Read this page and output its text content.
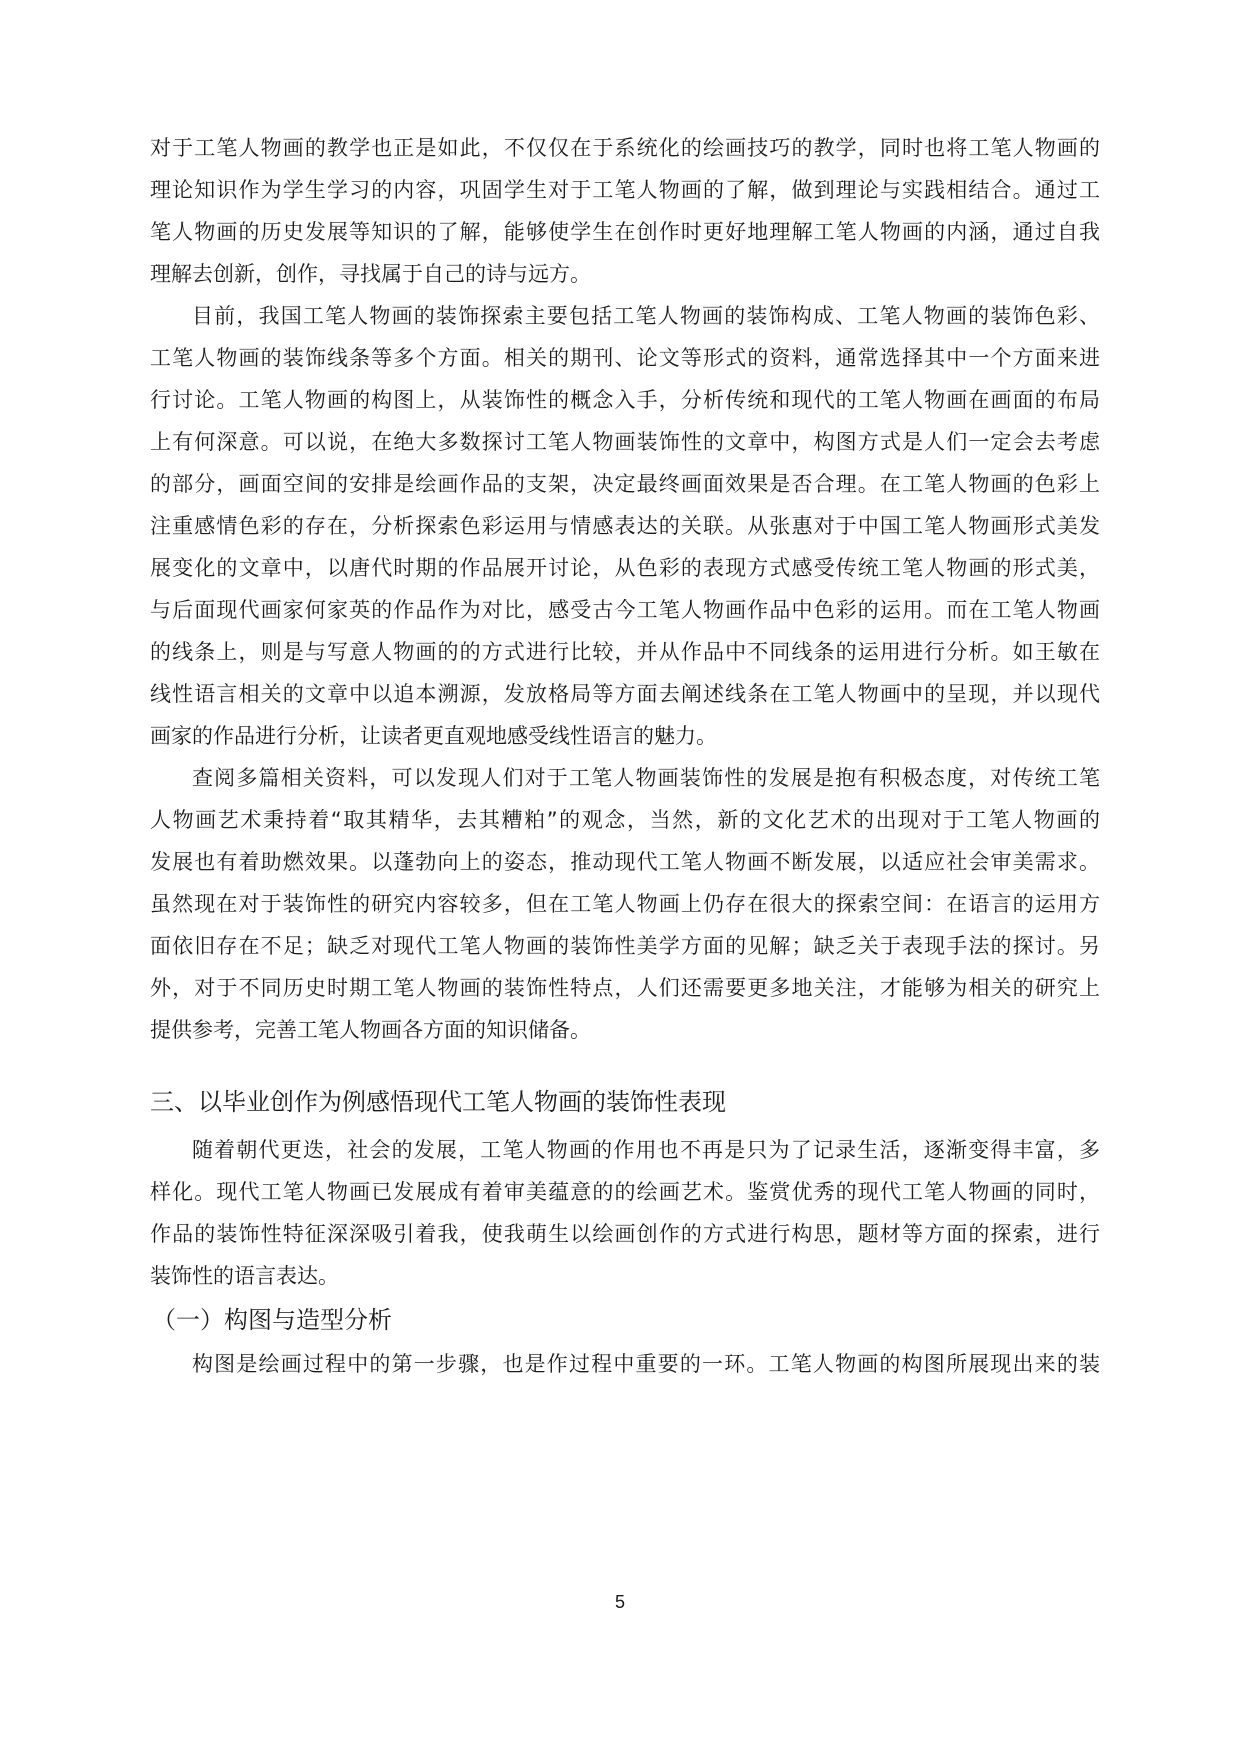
对于工笔人物画的教学也正是如此，不仅仅在于系统化的绘画技巧的教学，同时也将工笔人物画的
理论知识作为学生学习的内容，巩固学生对于工笔人物画的了解，做到理论与实践相结合。通过工
笔人物画的历史发展等知识的了解，能够使学生在创作时更好地理解工笔人物画的内涵，通过自我
理解去创新，创作，寻找属于自己的诗与远方。
目前，我国工笔人物画的装饰探索主要包括工笔人物画的装饰构成、工笔人物画的装饰色彩、
工笔人物画的装饰线条等多个方面。相关的期刊、论文等形式的资料，通常选择其中一个方面来进
行讨论。工笔人物画的构图上，从装饰性的概念入手，分析传统和现代的工笔人物画在画面的布局
上有何深意。可以说，在绝大多数探讨工笔人物画装饰性的文章中，构图方式是人们一定会去考虑
的部分，画面空间的安排是绘画作品的支架，决定最终画面效果是否合理。在工笔人物画的色彩上
注重感情色彩的存在，分析探索色彩运用与情感表达的关联。从张惠对于中国工笔人物画形式美发
展变化的文章中，以唐代时期的作品展开讨论，从色彩的表现方式感受传统工笔人物画的形式美，
与后面现代画家何家英的作品作为对比，感受古今工笔人物画作品中色彩的运用。而在工笔人物画
的线条上，则是与写意人物画的的方式进行比较，并从作品中不同线条的运用进行分析。如王敏在
线性语言相关的文章中以追本溯源，发放格局等方面去阐述线条在工笔人物画中的呈现，并以现代
画家的作品进行分析，让读者更直观地感受线性语言的魅力。
查阅多篇相关资料，可以发现人们对于工笔人物画装饰性的发展是抱有积极态度，对传统工笔
人物画艺术秉持着“取其精华，去其糟粕”的观念，当然，新的文化艺术的出现对于工笔人物画的
发展也有着助燃效果。以蓬勃向上的姿态，推动现代工笔人物画不断发展，以适应社会审美需求。
虽然现在对于装饰性的研究内容较多，但在工笔人物画上仍存在很大的探索空间：在语言的运用方
面依旧存在不足；缺乏对现代工笔人物画的装饰性美学方面的见解；缺乏关于表现手法的探讨。另
外，对于不同历史时期工笔人物画的装饰性特点，人们还需要更多地关注，才能够为相关的研究上
提供参考，完善工笔人物画各方面的知识储备。
三、以毕业创作为例感悟现代工笔人物画的装饰性表现
随着朝代更迭，社会的发展，工笔人物画的作用也不再是只为了记录生活，逐渐变得丰富，多
样化。现代工笔人物画已发展成有着审美蕴意的的绘画艺术。鉴赏优秀的现代工笔人物画的同时，
作品的装饰性特征深深吸引着我，使我萌生以绘画创作的方式进行构思，题材等方面的探索，进行
装饰性的语言表达。
（一）构图与造型分析
构图是绘画过程中的第一步骤，也是作过程中重要的一环。工笔人物画的构图所展现出来的装
5
